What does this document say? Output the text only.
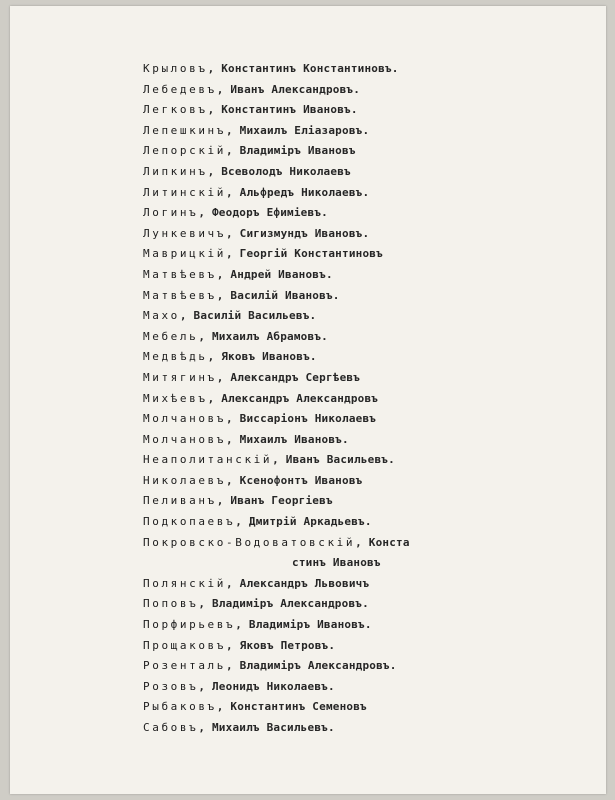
Крыловъ, Константинъ Константиновъ.
Лебедевъ, Иванъ Александровъ.
Легковъ, Константинъ Ивановъ.
Лепешкинъ, Михаилъ Еліазаровъ.
Лепорскій, Владиміръ Ивановъ
Липкинъ, Всеволодъ Николаевъ
Литинскій, Альфредъ Николаевъ.
Логинъ, Феодоръ Ефимiевъ.
Лункевичъ, Сигизмундъ Ивановъ.
Маврицкій, Георгій Константиновъ
Матвѣевъ, Андрей Ивановъ.
Матвѣевъ, Василій Ивановъ.
Махо, Василій Васильевъ.
Мебель, Михаилъ Абрамовъ.
Медвѣдь, Яковъ Ивановъ.
Митягинъ, Александръ Сергѣевъ
Михѣевъ, Александръ Александровъ
Молчановъ, Виссаріонъ Николаевъ
Молчановъ, Михаилъ Ивановъ.
Неаполитанскій, Иванъ Васильевъ.
Николаевъ, Ксенофонтъ Ивановъ
Пеливанъ, Иванъ Георгiевъ
Подкопаевъ, Дмитрій Аркадьевъ.
Покровско-Водоватовскій, Конста
стинъ Ивановъ
Полянскій, Александръ Львовичъ
Поповъ, Владиміръ Александровъ.
Порфирьевъ, Владиміръ Ивановъ.
Прощаковъ, Яковъ Петровъ.
Розенталь, Владиміръ Александровъ.
Розовъ, Леонидъ Николаевъ.
Рыбаковъ, Константинъ Семеновъ
Сабовъ, Михаилъ Васильевъ.
